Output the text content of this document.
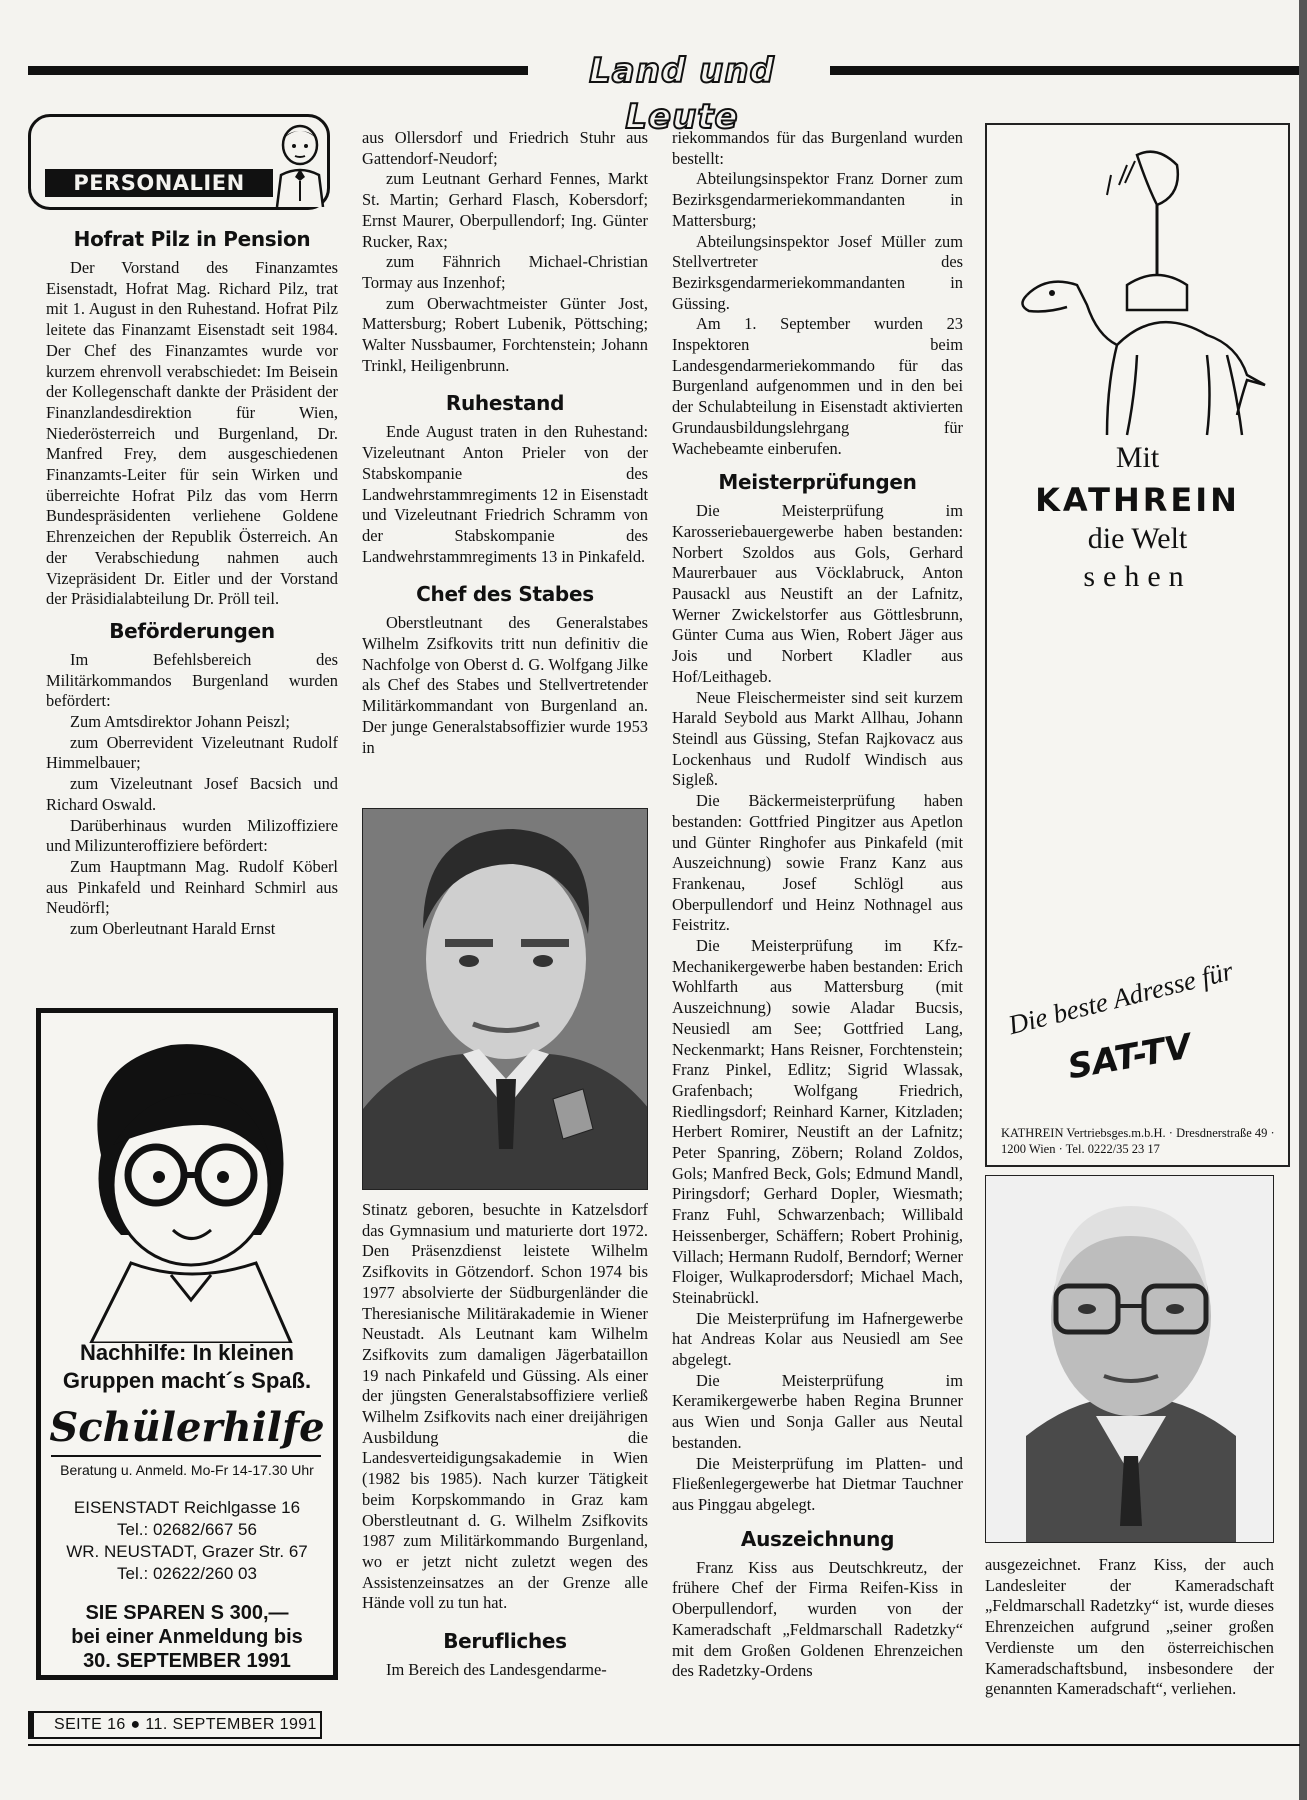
Land und Leute
PERSONALIEN
Hofrat Pilz in Pension

Der Vorstand des Finanzamtes Eisenstadt, Hofrat Mag. Richard Pilz, trat mit 1. August in den Ruhestand. Hofrat Pilz leitete das Finanzamt Eisenstadt seit 1984. Der Chef des Finanzamtes wurde vor kurzem ehrenvoll verabschiedet: Im Beisein der Kollegenschaft dankte der Präsident der Finanzlandesdirektion für Wien, Niederösterreich und Burgenland, Dr. Manfred Frey, dem ausgeschiedenen Finanzamts-Leiter für sein Wirken und überreichte Hofrat Pilz das vom Herrn Bundespräsidenten verliehene Goldene Ehrenzeichen der Republik Österreich. An der Verabschiedung nahmen auch Vizepräsident Dr. Eitler und der Vorstand der Präsidialabteilung Dr. Pröll teil.

Beförderungen

Im Befehlsbereich des Militärkommandos Burgenland wurden befördert:

Zum Amtsdirektor Johann Peiszl;

zum Oberrevident Vizeleutnant Rudolf Himmelbauer;

zum Vizeleutnant Josef Bacsich und Richard Oswald.

Darüberhinaus wurden Milizoffiziere und Milizunteroffiziere befördert:

Zum Hauptmann Mag. Rudolf Köberl aus Pinkafeld und Reinhard Schmirl aus Neudörfl;

zum Oberleutnant Harald Ernst

Nachhilfe: In kleinen
Gruppen macht´s Spaß.
Schülerhilfe
Beratung u. Anmeld. Mo-Fr 14-17.30 Uhr
EISENSTADT Reichlgasse 16
Tel.: 02682/667 56
WR. NEUSTADT, Grazer Str. 67
Tel.: 02622/260 03
SIE SPAREN S 300,—
bei einer Anmeldung bis
30. SEPTEMBER 1991

aus Ollersdorf und Friedrich Stuhr aus Gattendorf-Neudorf;

zum Leutnant Gerhard Fennes, Markt St. Martin; Gerhard Flasch, Kobersdorf; Ernst Maurer, Oberpullendorf; Ing. Günter Rucker, Rax;

zum Fähnrich Michael-Christian Tormay aus Inzenhof;

zum Oberwachtmeister Günter Jost, Mattersburg; Robert Lubenik, Pöttsching; Walter Nussbaumer, Forchtenstein; Johann Trinkl, Heiligenbrunn.

Ruhestand

Ende August traten in den Ruhestand: Vizeleutnant Anton Prieler von der Stabskompanie des Landwehrstammregiments 12 in Eisenstadt und Vizeleutnant Friedrich Schramm von der Stabskompanie des Landwehrstammregiments 13 in Pinkafeld.

Chef des Stabes

Oberstleutnant des Generalstabes Wilhelm Zsifkovits tritt nun definitiv die Nachfolge von Oberst d. G. Wolfgang Jilke als Chef des Stabes und Stellvertretender Militärkommandant von Burgenland an. Der junge Generalstabsoffizier wurde 1953 in

Stinatz geboren, besuchte in Katzelsdorf das Gymnasium und maturierte dort 1972. Den Präsenzdienst leistete Wilhelm Zsifkovits in Götzendorf. Schon 1974 bis 1977 absolvierte der Südburgenländer die Theresianische Militärakademie in Wiener Neustadt. Als Leutnant kam Wilhelm Zsifkovits zum damaligen Jägerbataillon 19 nach Pinkafeld und Güssing. Als einer der jüngsten Generalstabsoffiziere verließ Wilhelm Zsifkovits nach einer dreijährigen Ausbildung die Landesverteidigungsakademie in Wien (1982 bis 1985). Nach kurzer Tätigkeit beim Korpskommando in Graz kam Oberstleutnant d. G. Wilhelm Zsifkovits 1987 zum Militärkommando Burgenland, wo er jetzt nicht zuletzt wegen des Assistenzeinsatzes an der Grenze alle Hände voll zu tun hat.

Berufliches

Im Bereich des Landesgendarme-

riekommandos für das Burgenland wurden bestellt:

Abteilungsinspektor Franz Dorner zum Bezirksgendarmeriekommandanten in Mattersburg;

Abteilungsinspektor Josef Müller zum Stellvertreter des Bezirksgendarmeriekommandanten in Güssing.

Am 1. September wurden 23 Inspektoren beim Landesgendarmeriekommando für das Burgenland aufgenommen und in den bei der Schulabteilung in Eisenstadt aktivierten Grundausbildungslehrgang für Wachebeamte einberufen.

Meisterprüfungen

Die Meisterprüfung im Karosseriebauergewerbe haben bestanden: Norbert Szoldos aus Gols, Gerhard Maurerbauer aus Vöcklabruck, Anton Pausackl aus Neustift an der Lafnitz, Werner Zwickelstorfer aus Göttlesbrunn, Günter Cuma aus Wien, Robert Jäger aus Jois und Norbert Kladler aus Hof/Leithageb.

Neue Fleischermeister sind seit kurzem Harald Seybold aus Markt Allhau, Johann Steindl aus Güssing, Stefan Rajkovacz aus Lockenhaus und Rudolf Windisch aus Sigleß.

Die Bäckermeisterprüfung haben bestanden: Gottfried Pingitzer aus Apetlon und Günter Ringhofer aus Pinkafeld (mit Auszeichnung) sowie Franz Kanz aus Frankenau, Josef Schlögl aus Oberpullendorf und Heinz Nothnagel aus Feistritz.

Die Meisterprüfung im Kfz-Mechanikergewerbe haben bestanden: Erich Wohlfarth aus Mattersburg (mit Auszeichnung) sowie Aladar Bucsis, Neusiedl am See; Gottfried Lang, Neckenmarkt; Hans Reisner, Forchtenstein; Franz Pinkel, Edlitz; Sigrid Wlassak, Grafenbach; Wolfgang Friedrich, Riedlingsdorf; Reinhard Karner, Kitzladen; Herbert Romirer, Neustift an der Lafnitz; Peter Spanring, Zöbern; Roland Zoldos, Gols; Manfred Beck, Gols; Edmund Mandl, Piringsdorf; Gerhard Dopler, Wiesmath; Franz Fuhl, Schwarzenbach; Willibald Heissenberger, Schäffern; Robert Prohinig, Villach; Hermann Rudolf, Berndorf; Werner Floiger, Wulkaprodersdorf; Michael Mach, Steinabrückl.

Die Meisterprüfung im Hafnergewerbe hat Andreas Kolar aus Neusiedl am See abgelegt.

Die Meisterprüfung im Keramikergewerbe haben Regina Brunner aus Wien und Sonja Galler aus Neutal bestanden.

Die Meisterprüfung im Platten- und Fließenlegergewerbe hat Dietmar Tauchner aus Pinggau abgelegt.

Auszeichnung

Franz Kiss aus Deutschkreutz, der frühere Chef der Firma Reifen-Kiss in Oberpullendorf, wurden von der Kameradschaft „Feldmarschall Radetzky“ mit dem Großen Goldenen Ehrenzeichen des Radetzky-Ordens

Mit
KATHREIN
die Welt
sehen
Die beste Adresse für
SAT-TV
KATHREIN Vertriebsges.m.b.H. · Dresdnerstraße 49 · 1200 Wien · Tel. 0222/35 23 17

ausgezeichnet. Franz Kiss, der auch Landesleiter der Kameradschaft „Feldmarschall Radetzky“ ist, wurde dieses Ehrenzeichen aufgrund „seiner großen Verdienste um den österreichischen Kameradschaftsbund, insbesondere der genannten Kameradschaft“, verliehen.

SEITE 16 ● 11. SEPTEMBER 1991
